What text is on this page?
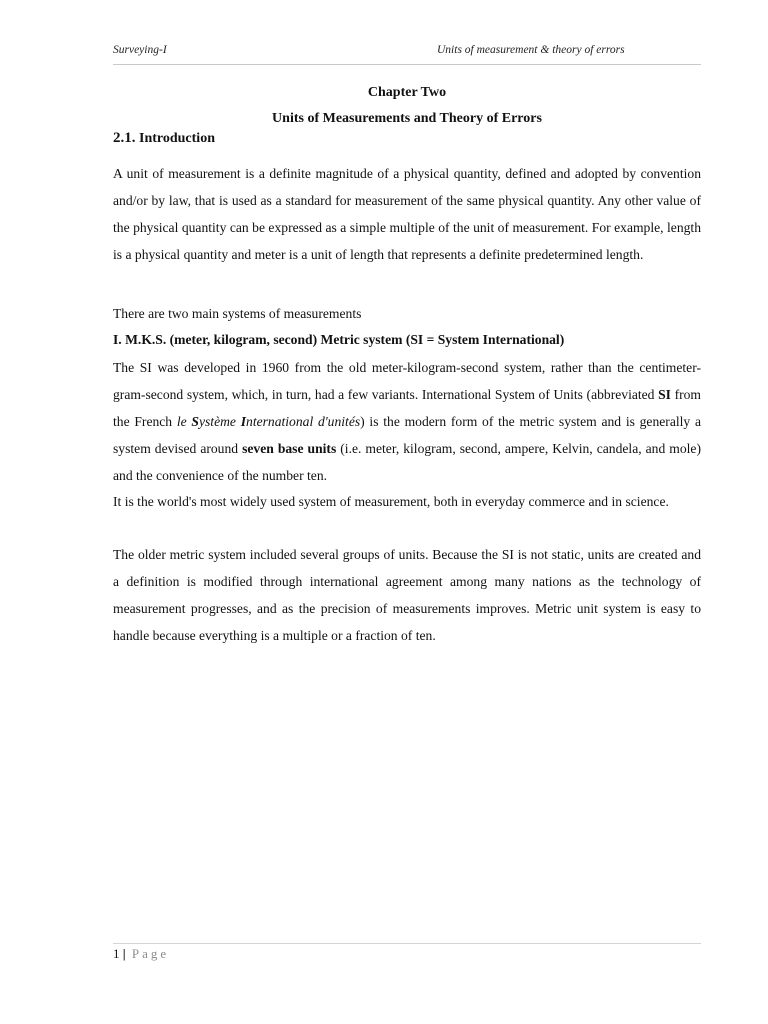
Surveying-I	Units of measurement & theory of errors
Chapter Two
Units of Measurements and Theory of Errors
2.1. Introduction
A unit of measurement is a definite magnitude of a physical quantity, defined and adopted by convention and/or by law, that is used as a standard for measurement of the same physical quantity. Any other value of the physical quantity can be expressed as a simple multiple of the unit of measurement. For example, length is a physical quantity and meter is a unit of length that represents a definite predetermined length.
There are two main systems of measurements
I. M.K.S. (meter, kilogram, second) Metric system (SI = System International)
The SI was developed in 1960 from the old meter-kilogram-second system, rather than the centimeter-gram-second system, which, in turn, had a few variants. International System of Units (abbreviated SI from the French le Système International d'unités) is the modern form of the metric system and is generally a system devised around seven base units (i.e. meter, kilogram, second, ampere, Kelvin, candela, and mole) and the convenience of the number ten.
It is the world's most widely used system of measurement, both in everyday commerce and in science.
The older metric system included several groups of units. Because the SI is not static, units are created and a definition is modified through international agreement among many nations as the technology of measurement progresses, and as the precision of measurements improves. Metric unit system is easy to handle because everything is a multiple or a fraction of ten.
1 | Page
